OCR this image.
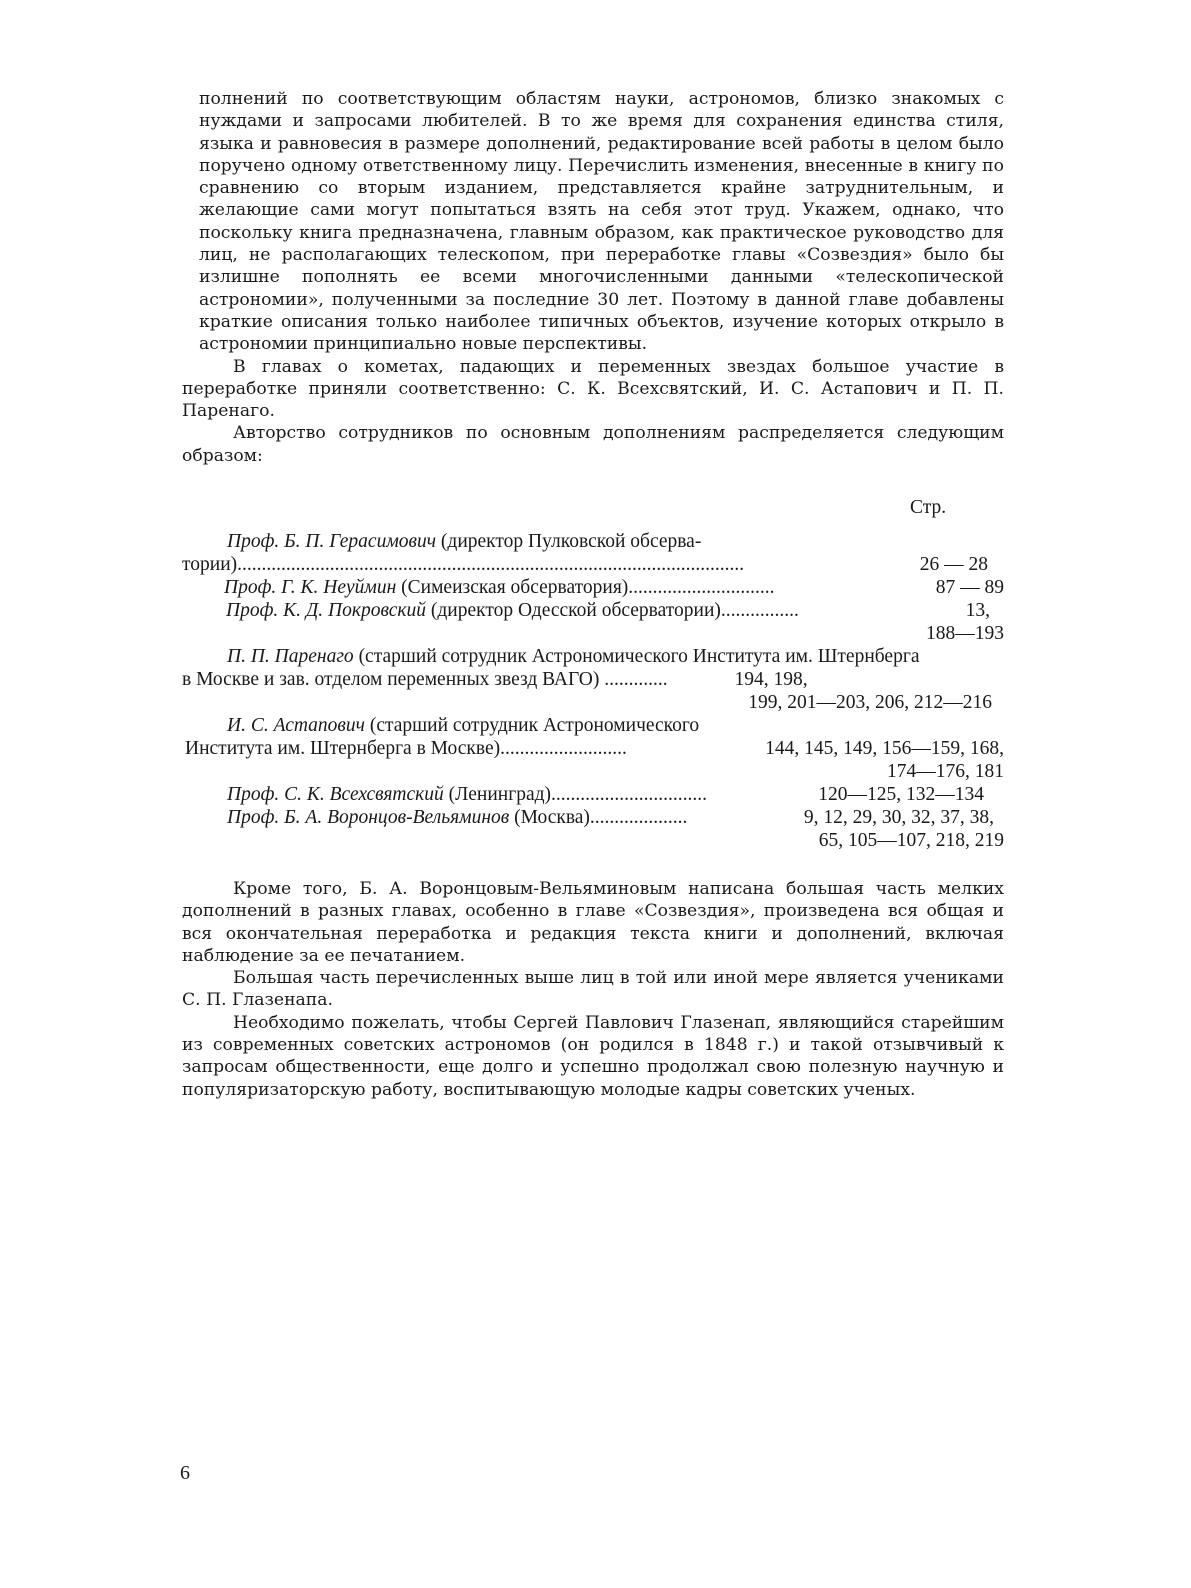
полнений по соответствующим областям науки, астрономов, близко знакомых с нуждами и запросами любителей. В то же время для сохранения единства стиля, языка и равновесия в размере дополнений, редактирование всей работы в целом было поручено одному ответственному лицу. Перечислить изменения, внесенные в книгу по сравнению со вторым изданием, представляется крайне затруднительным, и желающие сами могут попытаться взять на себя этот труд. Укажем, однако, что поскольку книга предназначена, главным образом, как практическое руководство для лиц, не располагающих телескопом, при переработке главы «Созвездия» было бы излишне пополнять ее всеми многочисленными данными «телескопической астрономии», полученными за последние 30 лет. Поэтому в данной главе добавлены краткие описания только наиболее типичных объектов, изучение которых открыло в астрономии принципиально новые перспективы.

В главах о кометах, падающих и переменных звездах большое участие в переработке приняли соответственно: С. К. Всехсвятский, И. С. Астапович и П. П. Паренаго.

Авторство сотрудников по основным дополнениям распределяется следующим образом:

Стр.
Проф. Б. П. Герасимович (директор Пулковской обсерва-
тории) ........................................................................................................	26 — 28
Проф. Г. К. Неуймин (Симеизская обсерватория) ..............................	87 — 89
Проф. К. Д. Покровский (директор Одесской обсерватории) ................	13,
188—193
П. П. Паренаго (старший сотрудник Астрономического Института им. Штернберга
в Москве и зав. отделом переменных звезд ВАГО) .............	194, 198,
199, 201—203, 206, 212—216
И. С. Астапович (старший сотрудник Астрономического
Института им. Штернберга в Москве) ..........................	144, 145, 149, 156—159, 168,
174—176, 181
Проф. С. К. Всехсвятский (Ленинград) ................................	120—125, 132—134
Проф. Б. А. Воронцов-Вельяминов (Москва) ....................	9, 12, 29, 30, 32, 37, 38,
65, 105—107, 218, 219

Кроме того, Б. А. Воронцовым-Вельяминовым написана большая часть мелких дополнений в разных главах, особенно в главе «Созвездия», произведена вся общая и вся окончательная переработка и редакция текста книги и дополнений, включая наблюдение за ее печатанием.

Большая часть перечисленных выше лиц в той или иной мере является учениками С. П. Глазенапа.

Необходимо пожелать, чтобы Сергей Павлович Глазенап, являющийся старейшим из современных советских астрономов (он родился в 1848 г.) и такой отзывчивый к запросам общественности, еще долго и успешно продолжал свою полезную научную и популяризаторскую работу, воспитывающую молодые кадры советских ученых.

6
